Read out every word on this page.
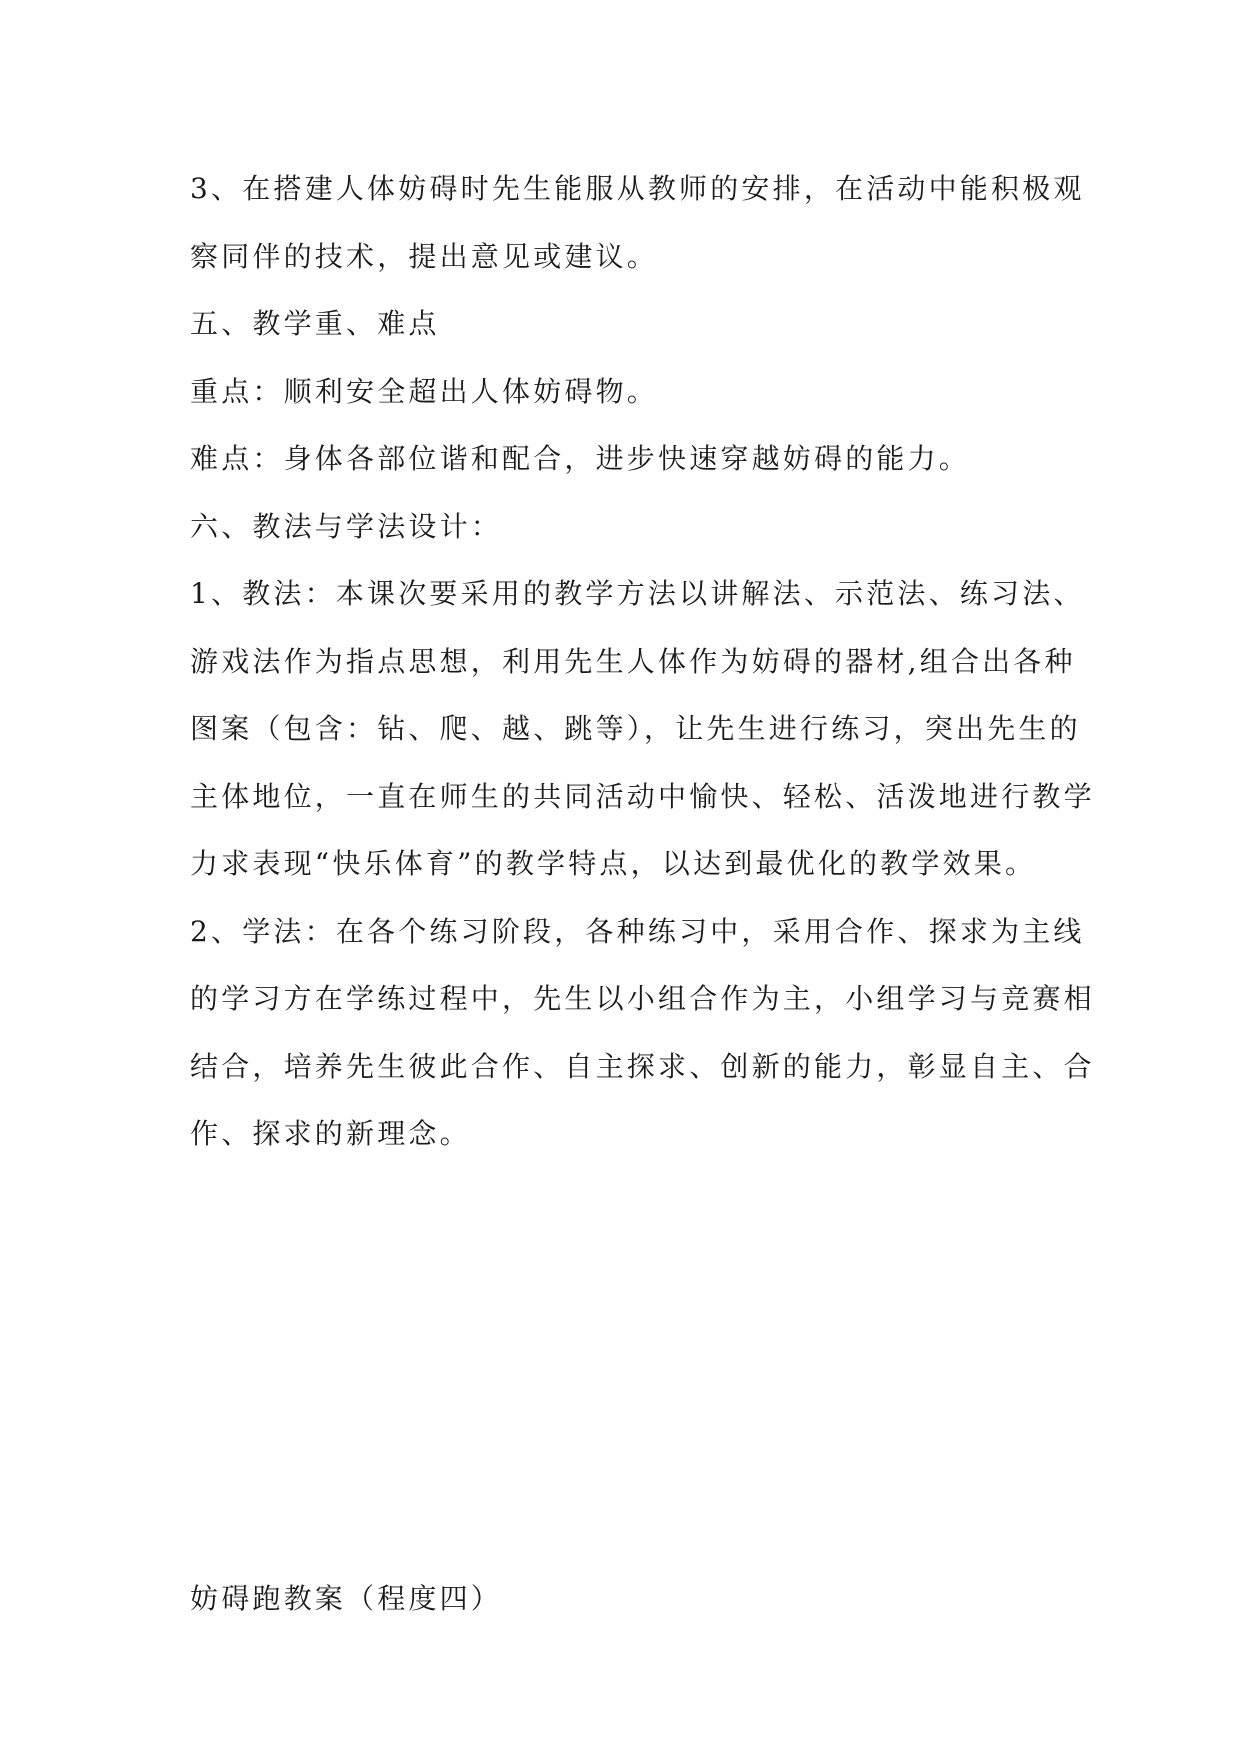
3、在搭建人体妨碍时先生能服从教师的安排，在活动中能积极观

察同伴的技术，提出意见或建议。

五、教学重、难点

重点：顺利安全超出人体妨碍物。

难点：身体各部位谐和配合，进步快速穿越妨碍的能力。

六、教法与学法设计：

1、教法：本课次要采用的教学方法以讲解法、示范法、练习法、

游戏法作为指点思想，利用先生人体作为妨碍的器材,组合出各种

图案（包含：钻、爬、越、跳等），让先生进行练习，突出先生的

主体地位，一直在师生的共同活动中愉快、轻松、活泼地进行教学

力求表现“快乐体育”的教学特点，以达到最优化的教学效果。

2、学法：在各个练习阶段，各种练习中，采用合作、探求为主线

的学习方在学练过程中，先生以小组合作为主，小组学习与竞赛相

结合，培养先生彼此合作、自主探求、创新的能力，彰显自主、合

作、探求的新理念。

妨碍跑教案（程度四）
